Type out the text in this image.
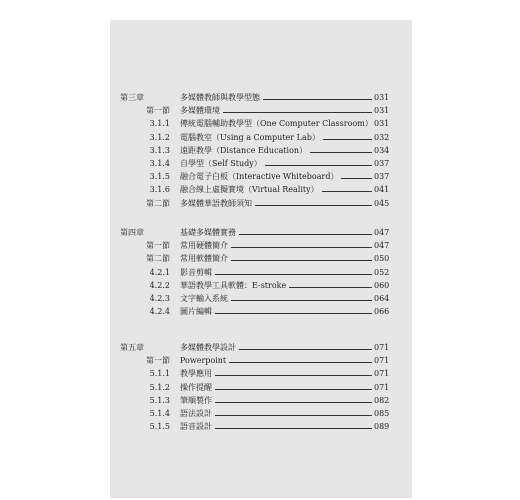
第三章	多媒體教師與教學型態	031
第一節 多媒體環境	031
3.1.1 傳統電腦輔助教學型（One Computer Classroom） 031
3.1.2 電腦教室（Using a Computer Lab）	032
3.1.3 遠距教學（Distance Education）	034
3.1.4 自學型（Self Study）	037
3.1.5 融合電子白板（Interactive Whiteboard）	037
3.1.6 融合線上虛擬實境（Virtual Reality）	041
第二節 多媒體華語教師須知	045
第四章	基礎多媒體實務	047
第一節 常用硬體簡介	047
第二節 常用軟體簡介	050
4.2.1 影音剪輯	052
4.2.2 華語教學工具軟體：E-stroke	060
4.2.3 文字輸入系統	064
4.2.4 圖片編輯	066
第五章	多媒體教學設計	071
第一節 Powerpoint	071
5.1.1 教學應用	071
5.1.2 操作提醒	071
5.1.3 筆順製作	082
5.1.4 語法設計	085
5.1.5 語音設計	089
